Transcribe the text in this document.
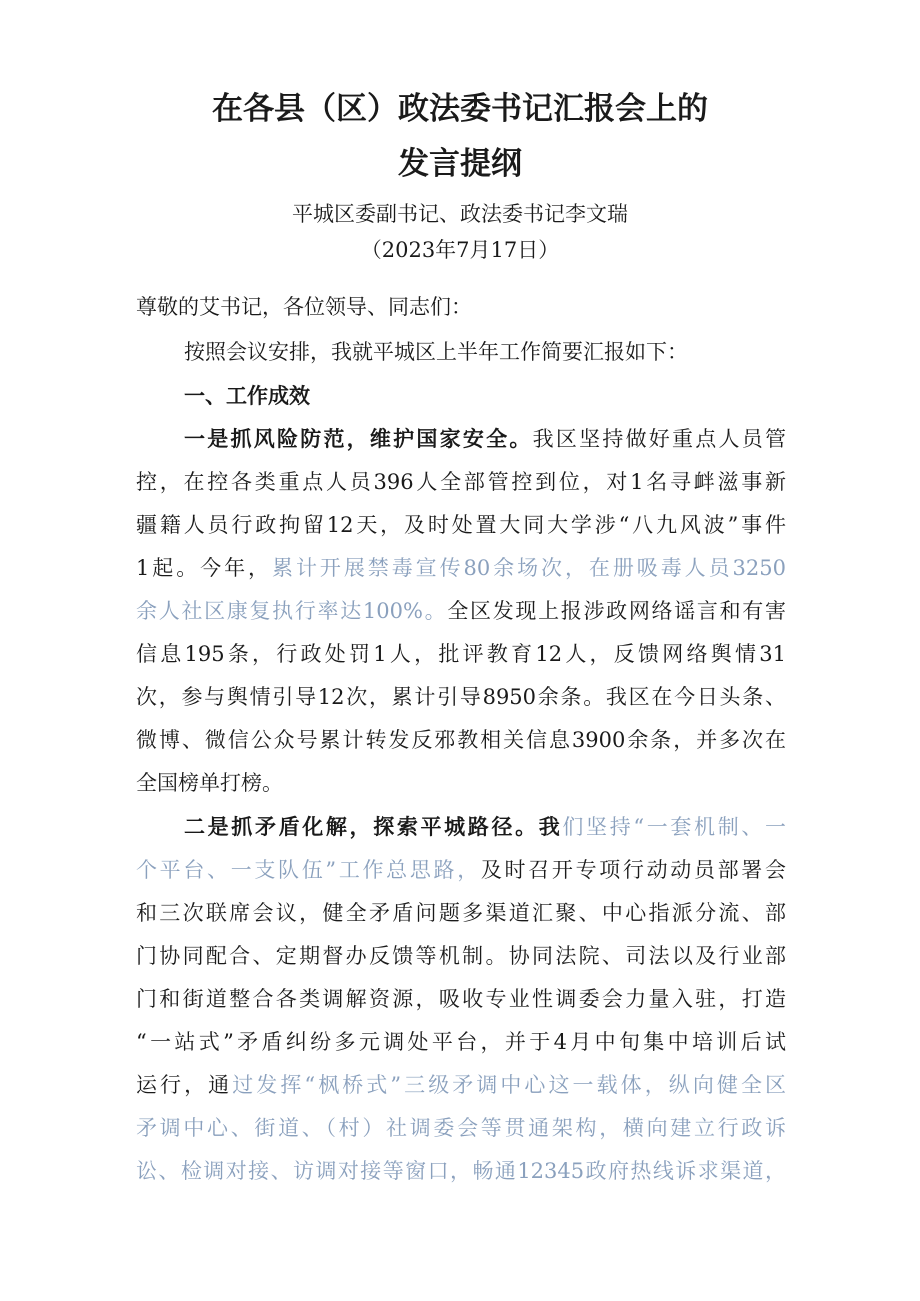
在各县（区）政法委书记汇报会上的
发言提纲
平城区委副书记、政法委书记李文瑞
（2023年7月17日）
尊敬的艾书记，各位领导、同志们：
按照会议安排，我就平城区上半年工作简要汇报如下：
一、工作成效
一是抓风险防范，维护国家安全。我区坚持做好重点人员管
控，在控各类重点人员396人全部管控到位，对1名寻衅滋事新
疆籍人员行政拘留12天，及时处置大同大学涉“八九风波”事件
1起。今年，累计开展禁毒宣传80余场次，在册吸毒人员3250
余人社区康复执行率达100%。全区发现上报涉政网络谣言和有害
信息195条，行政处罚1人，批评教育12人，反馈网络舆情31
次，参与舆情引导12次，累计引导8950余条。我区在今日头条、
微博、微信公众号累计转发反邪教相关信息3900余条，并多次在
全国榜单打榜。
二是抓矛盾化解，探索平城路径。我们坚持“一套机制、一
个平台、一支队伍”工作总思路，及时召开专项行动动员部署会
和三次联席会议，健全矛盾问题多渠道汇聚、中心指派分流、部
门协同配合、定期督办反馈等机制。协同法院、司法以及行业部
门和街道整合各类调解资源，吸收专业性调委会力量入驻，打造
“一站式”矛盾纠纷多元调处平台，并于4月中旬集中培训后试
运行，通过发挥“枫桥式”三级矛调中心这一载体，纵向健全区
矛调中心、街道、（村）社调委会等贯通架构，横向建立行政诉
讼、检调对接、访调对接等窗口，畅通12345政府热线诉求渠道，
